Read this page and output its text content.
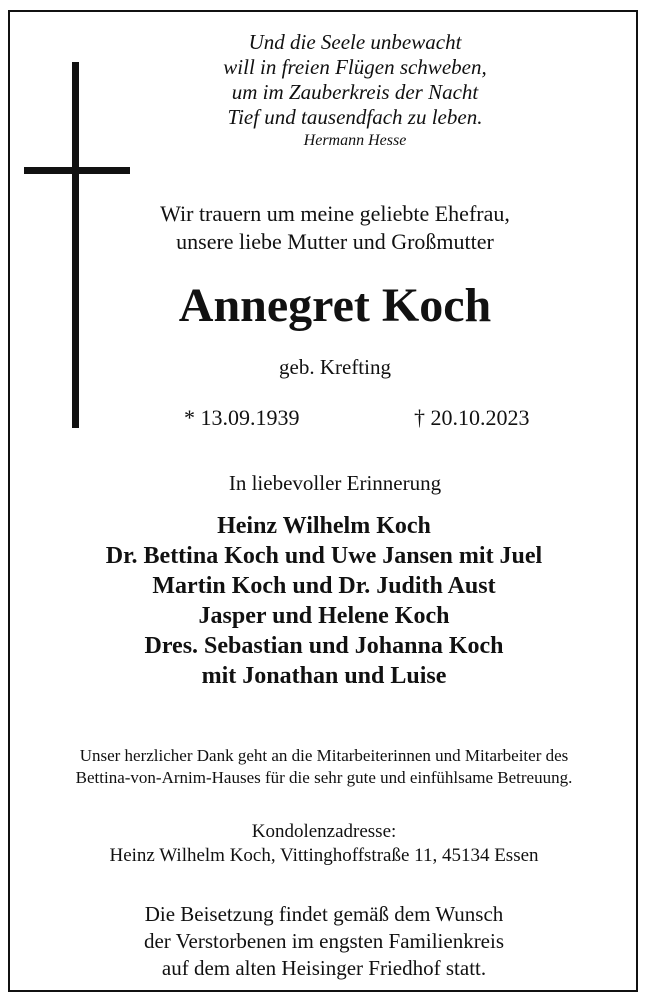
Und die Seele unbewacht
will in freien Flügen schweben,
um im Zauberkreis der Nacht
Tief und tausendfach zu leben.
Hermann Hesse
Wir trauern um meine geliebte Ehefrau,
unsere liebe Mutter und Großmutter
Annegret Koch
geb. Krefting
* 13.09.1939	† 20.10.2023
In liebevoller Erinnerung
Heinz Wilhelm Koch
Dr. Bettina Koch und Uwe Jansen mit Juel
Martin Koch und Dr. Judith Aust
Jasper und Helene Koch
Dres. Sebastian und Johanna Koch
mit Jonathan und Luise
Unser herzlicher Dank geht an die Mitarbeiterinnen und Mitarbeiter des
Bettina-von-Arnim-Hauses für die sehr gute und einfühlsame Betreuung.
Kondolenzadresse:
Heinz Wilhelm Koch, Vittinghoffstraße 11, 45134 Essen
Die Beisetzung findet gemäß dem Wunsch
der Verstorbenen im engsten Familienkreis
auf dem alten Heisinger Friedhof statt.
